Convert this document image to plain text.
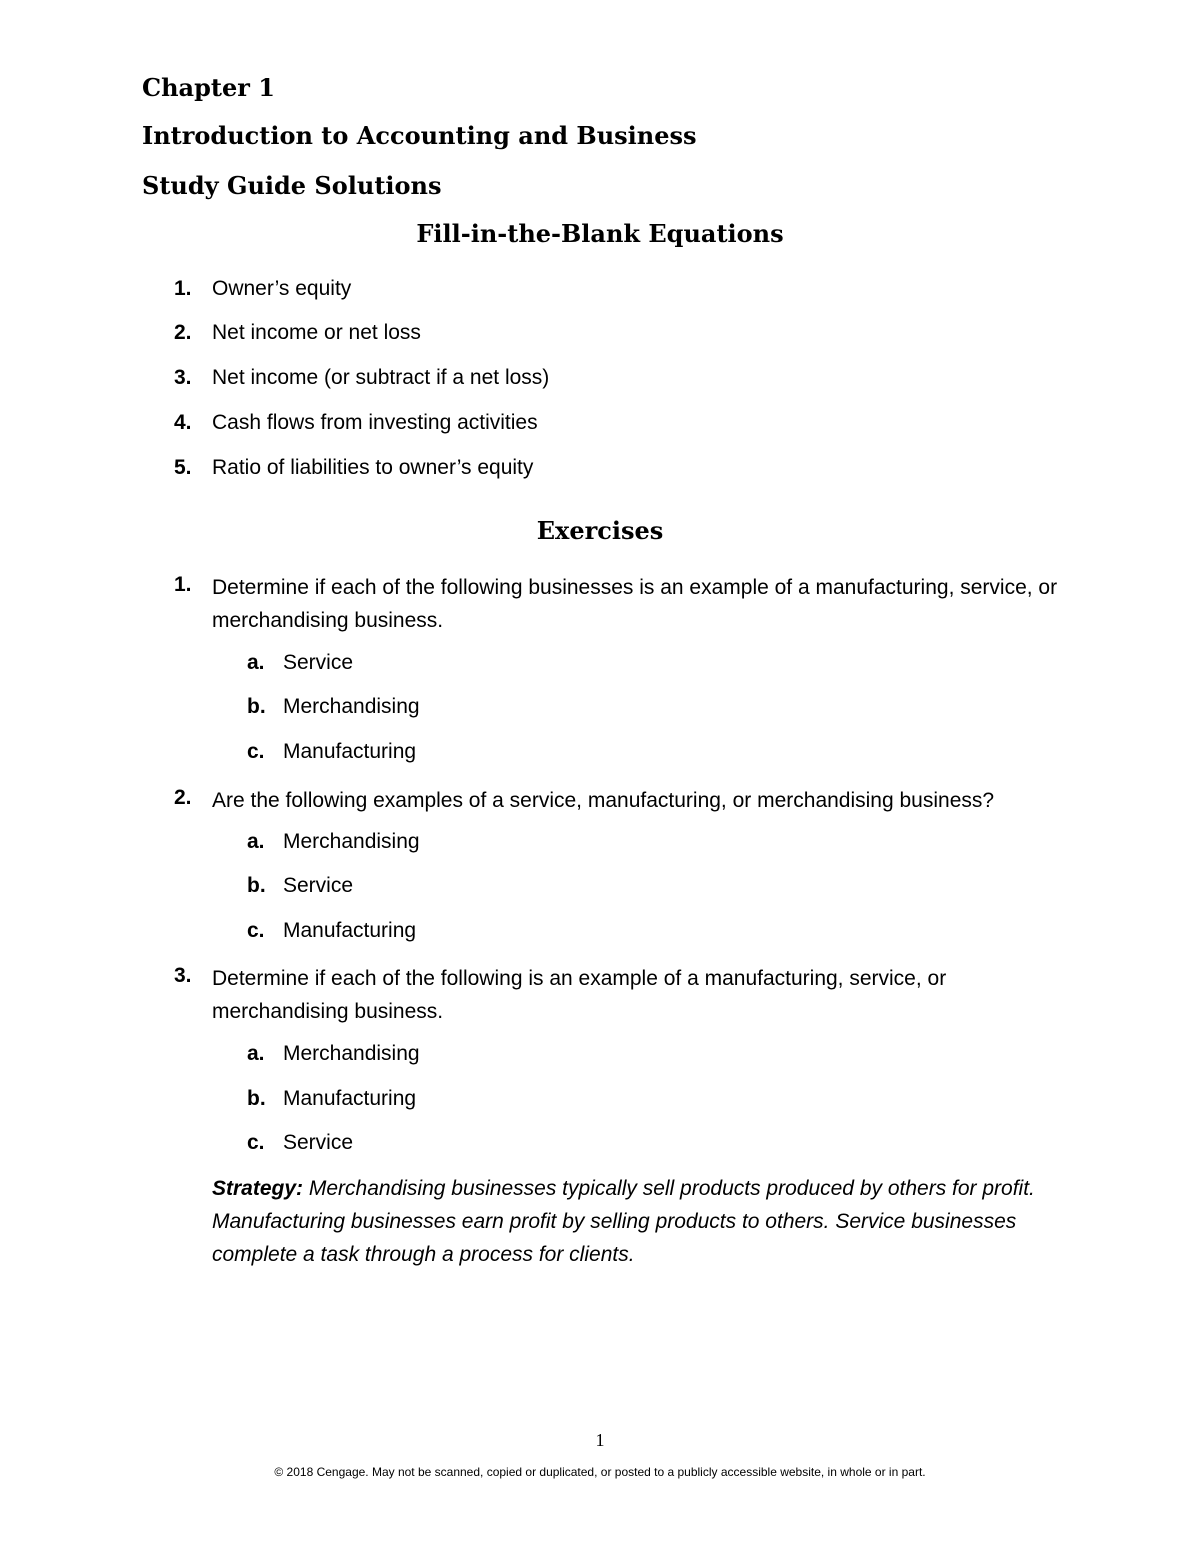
Chapter 1
Introduction to Accounting and Business
Study Guide Solutions
Fill-in-the-Blank Equations
1. Owner’s equity
2. Net income or net loss
3. Net income (or subtract if a net loss)
4. Cash flows from investing activities
5. Ratio of liabilities to owner’s equity
Exercises
1. Determine if each of the following businesses is an example of a manufacturing, service, or merchandising business.
a. Service
b. Merchandising
c. Manufacturing
2. Are the following examples of a service, manufacturing, or merchandising business?
a. Merchandising
b. Service
c. Manufacturing
3. Determine if each of the following is an example of a manufacturing, service, or merchandising business.
a. Merchandising
b. Manufacturing
c. Service
Strategy: Merchandising businesses typically sell products produced by others for profit. Manufacturing businesses earn profit by selling products to others. Service businesses complete a task through a process for clients.
1
© 2018 Cengage. May not be scanned, copied or duplicated, or posted to a publicly accessible website, in whole or in part.
